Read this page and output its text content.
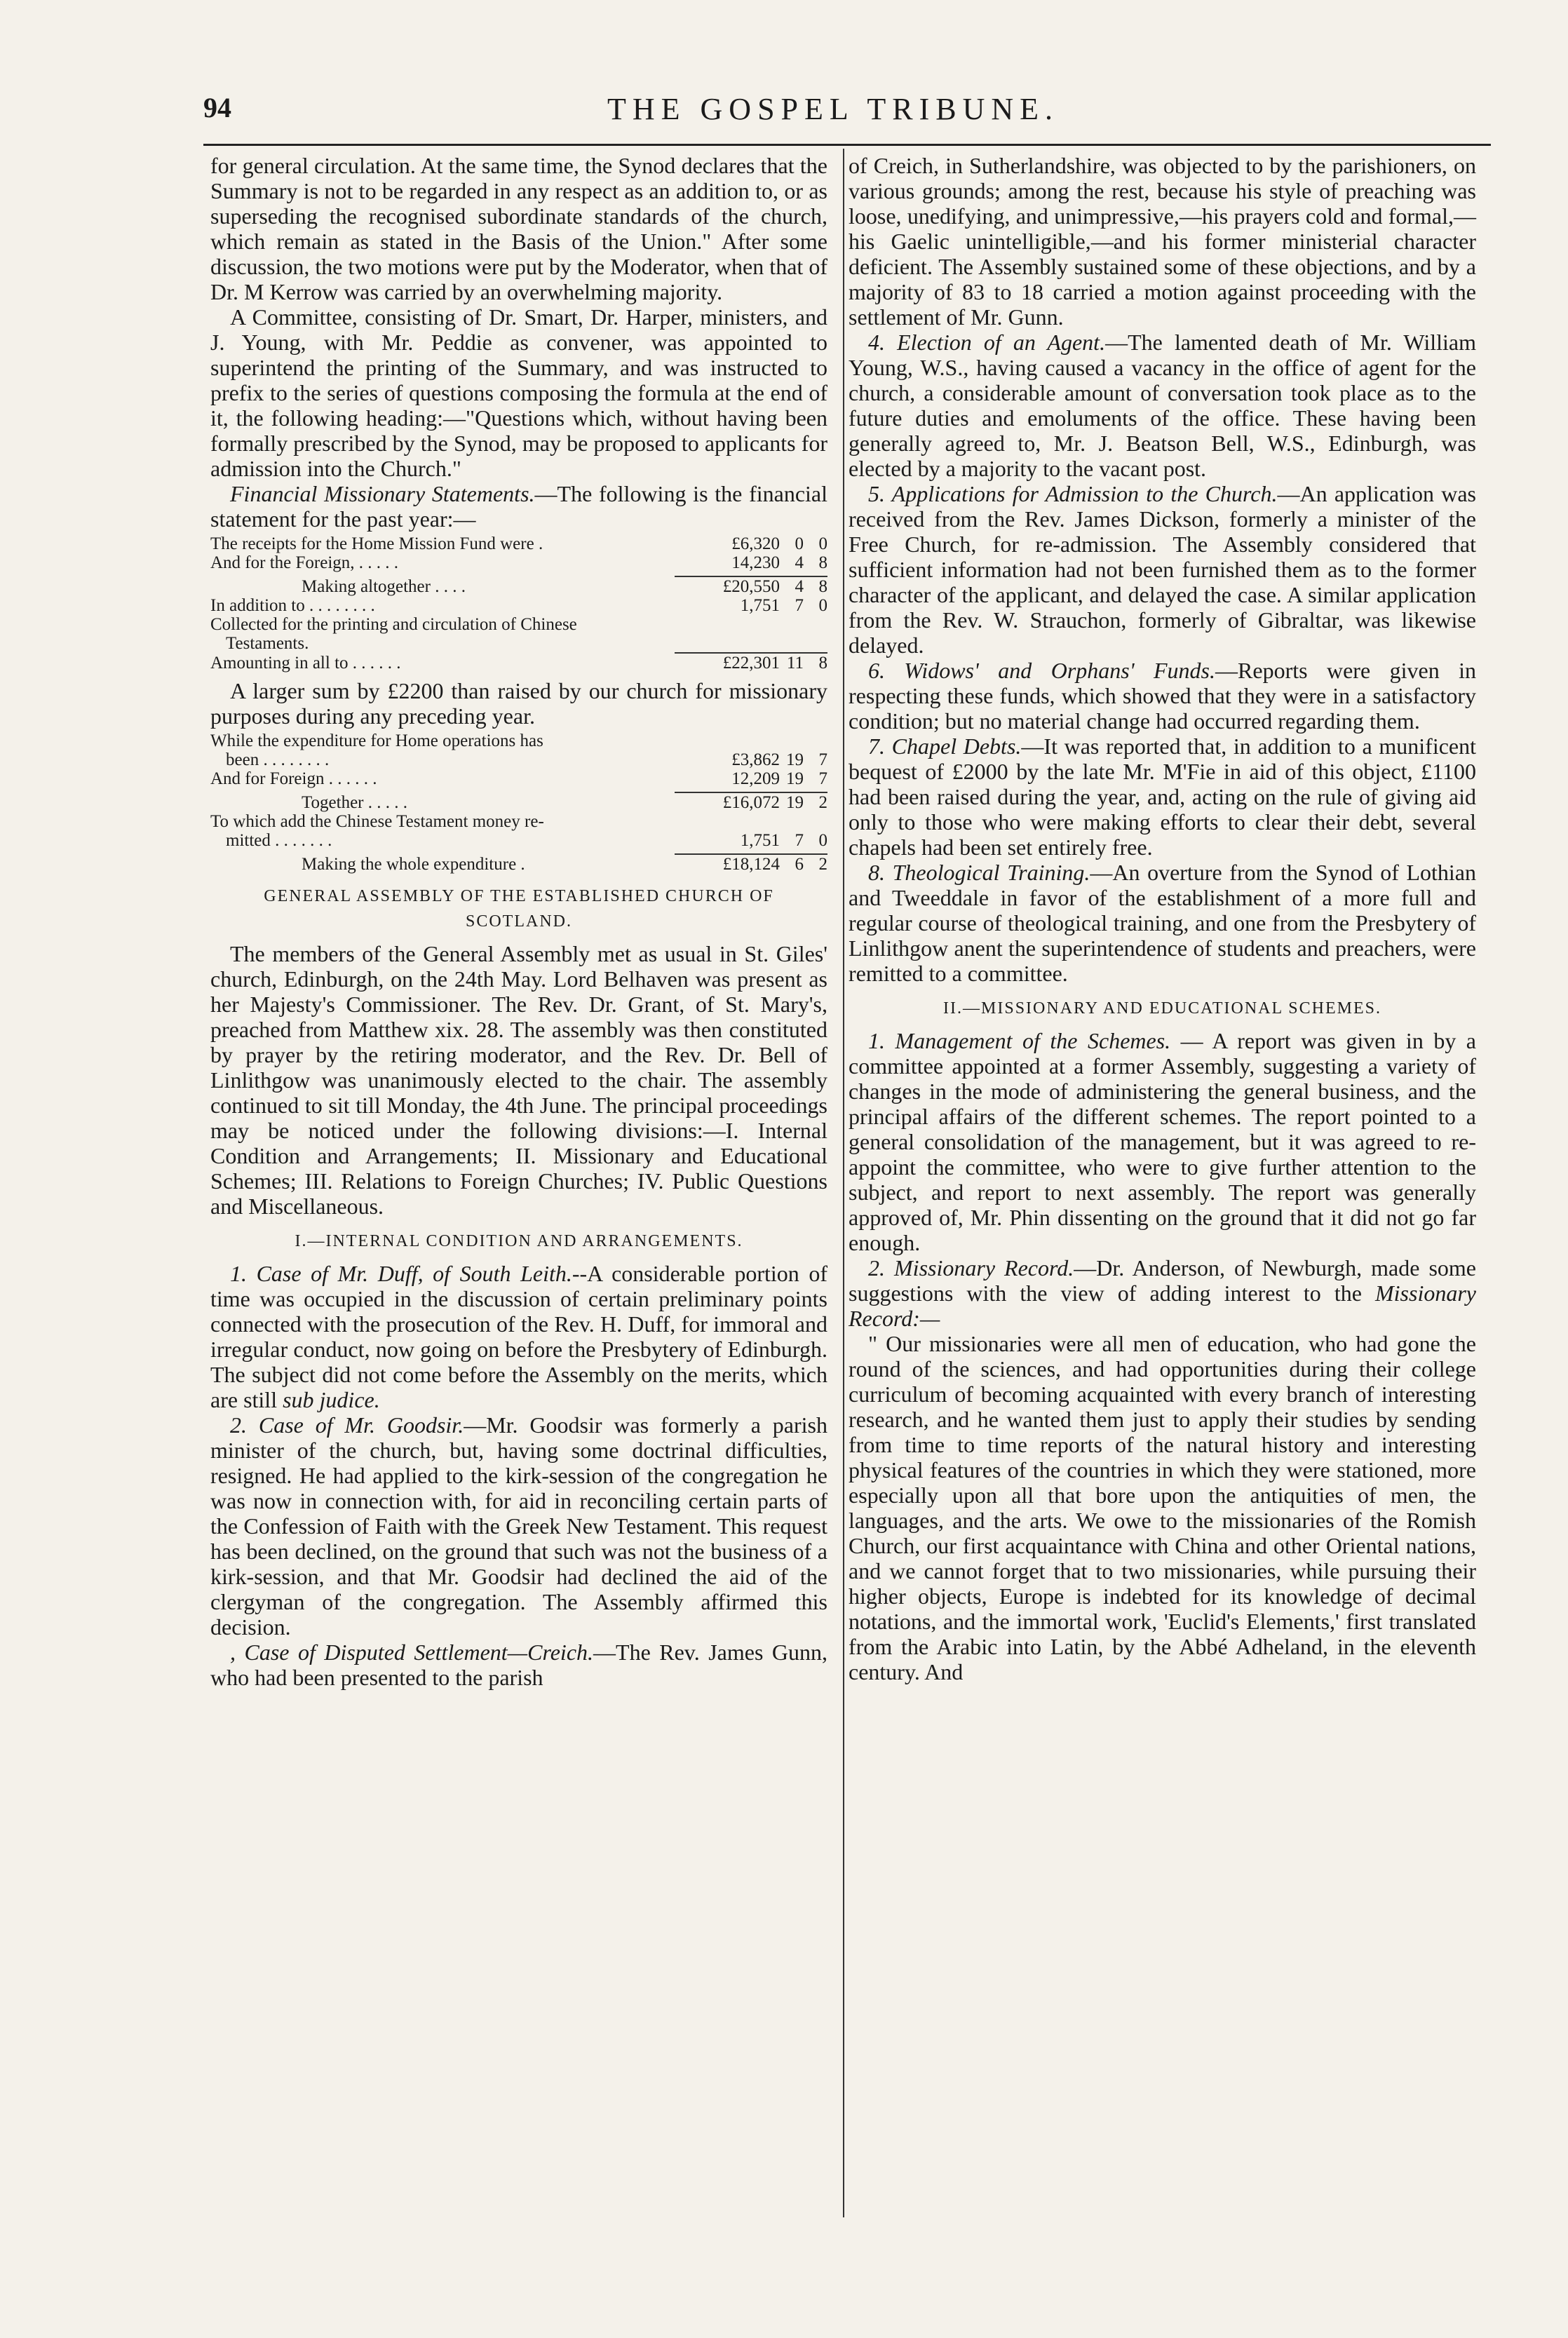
94	THE GOSPEL TRIBUNE.

for general circulation. At the same time, the Synod declares that the Summary is not to be regarded in any respect as an addition to, or as superseding the recognised subordinate standards of the church, which remain as stated in the Basis of the Union." After some discussion, the two motions were put by the Moderator, when that of Dr. M Kerrow was carried by an overwhelming majority.

A Committee, consisting of Dr. Smart, Dr. Harper, ministers, and J. Young, with Mr. Peddie as convener, was appointed to superintend the printing of the Summary, and was instructed to prefix to the series of questions composing the formula at the end of it, the following heading:—"Questions which, without having been formally prescribed by the Synod, may be proposed to applicants for admission into the Church."

Financial Missionary Statements.—The following is the financial statement for the past year:—

The receipts for the Home Mission Fund were .	£6,320	0	0
And for the Foreign, . . . . .	14,230	4	8

Making altogether . . . .	£20,550	4	8
In addition to . . . . . . . .	1,751	7	0
Collected for the printing and circulation of Chinese			
Testaments.			
Amounting in all to . . . . . .	£22,301	11	8

A larger sum by £2200 than raised by our church for missionary purposes during any preceding year.

While the expenditure for Home operations has			
been . . . . . . . .	£3,862	19	7
And for Foreign . . . . . .	12,209	19	7

Together . . . . .	£16,072	19	2
To which add the Chinese Testament money re-			
mitted . . . . . . .	1,751	7	0

Making the whole expenditure .	£18,124	6	2
GENERAL ASSEMBLY OF THE ESTABLISHED CHURCH OF SCOTLAND.

The members of the General Assembly met as usual in St. Giles' church, Edinburgh, on the 24th May. Lord Belhaven was present as her Majesty's Commissioner. The Rev. Dr. Grant, of St. Mary's, preached from Matthew xix. 28. The assembly was then constituted by prayer by the retiring moderator, and the Rev. Dr. Bell of Linlithgow was unanimously elected to the chair. The assembly continued to sit till Monday, the 4th June. The principal proceedings may be noticed under the following divisions:—I. Internal Condition and Arrangements; II. Missionary and Educational Schemes; III. Relations to Foreign Churches; IV. Public Questions and Miscellaneous.

I.—INTERNAL CONDITION AND ARRANGEMENTS.

1. Case of Mr. Duff, of South Leith.--A considerable portion of time was occupied in the discussion of certain preliminary points connected with the prosecution of the Rev. H. Duff, for immoral and irregular conduct, now going on before the Presbytery of Edinburgh. The subject did not come before the Assembly on the merits, which are still sub judice.

2. Case of Mr. Goodsir.—Mr. Goodsir was formerly a parish minister of the church, but, having some doctrinal difficulties, resigned. He had applied to the kirk-session of the congregation he was now in connection with, for aid in reconciling certain parts of the Confession of Faith with the Greek New Testament. This request has been declined, on the ground that such was not the business of a kirk-session, and that Mr. Goodsir had declined the aid of the clergyman of the congregation. The Assembly affirmed this decision.

, Case of Disputed Settlement—Creich.—The Rev. James Gunn, who had been presented to the parish

of Creich, in Sutherlandshire, was objected to by the parishioners, on various grounds; among the rest, because his style of preaching was loose, unedifying, and unimpressive,—his prayers cold and formal,—his Gaelic unintelligible,—and his former ministerial character deficient. The Assembly sustained some of these objections, and by a majority of 83 to 18 carried a motion against proceeding with the settlement of Mr. Gunn.

4. Election of an Agent.—The lamented death of Mr. William Young, W.S., having caused a vacancy in the office of agent for the church, a considerable amount of conversation took place as to the future duties and emoluments of the office. These having been generally agreed to, Mr. J. Beatson Bell, W.S., Edinburgh, was elected by a majority to the vacant post.

5. Applications for Admission to the Church.—An application was received from the Rev. James Dickson, formerly a minister of the Free Church, for re-admission. The Assembly considered that sufficient information had not been furnished them as to the former character of the applicant, and delayed the case. A similar application from the Rev. W. Strauchon, formerly of Gibraltar, was likewise delayed.

6. Widows' and Orphans' Funds.—Reports were given in respecting these funds, which showed that they were in a satisfactory condition; but no material change had occurred regarding them.

7. Chapel Debts.—It was reported that, in addition to a munificent bequest of £2000 by the late Mr. M'Fie in aid of this object, £1100 had been raised during the year, and, acting on the rule of giving aid only to those who were making efforts to clear their debt, several chapels had been set entirely free.

8. Theological Training.—An overture from the Synod of Lothian and Tweeddale in favor of the establishment of a more full and regular course of theological training, and one from the Presbytery of Linlithgow anent the superintendence of students and preachers, were remitted to a committee.

II.—MISSIONARY AND EDUCATIONAL SCHEMES.

1. Management of the Schemes. — A report was given in by a committee appointed at a former Assembly, suggesting a variety of changes in the mode of administering the general business, and the principal affairs of the different schemes. The report pointed to a general consolidation of the management, but it was agreed to re-appoint the committee, who were to give further attention to the subject, and report to next assembly. The report was generally approved of, Mr. Phin dissenting on the ground that it did not go far enough.

2. Missionary Record.—Dr. Anderson, of Newburgh, made some suggestions with the view of adding interest to the Missionary Record:—

" Our missionaries were all men of education, who had gone the round of the sciences, and had opportunities during their college curriculum of becoming acquainted with every branch of interesting research, and he wanted them just to apply their studies by sending from time to time reports of the natural history and interesting physical features of the countries in which they were stationed, more especially upon all that bore upon the antiquities of men, the languages, and the arts. We owe to the missionaries of the Romish Church, our first acquaintance with China and other Oriental nations, and we cannot forget that to two missionaries, while pursuing their higher objects, Europe is indebted for its knowledge of decimal notations, and the immortal work, 'Euclid's Elements,' first translated from the Arabic into Latin, by the Abbé Adheland, in the eleventh century. And
